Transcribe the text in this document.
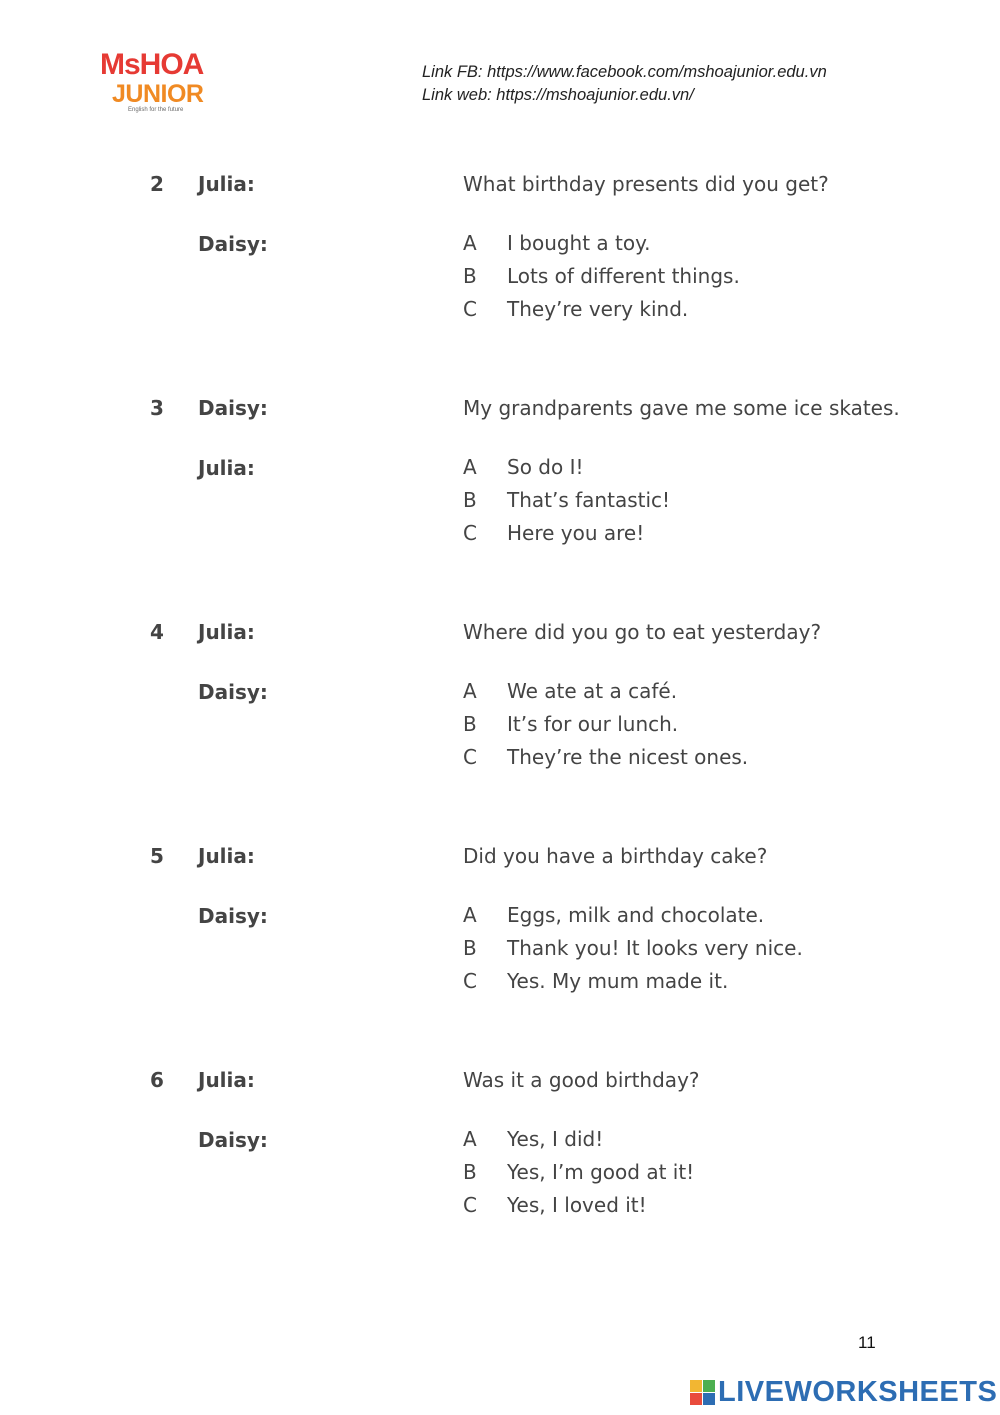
MsHOA
JUNIOR
English for the future
Link FB: https://www.facebook.com/mshoajunior.edu.vn
Link web: https://mshoajunior.edu.vn/
2 Julia:	What birthday presents did you get?
Daisy:	A I bought a toy.
B Lots of different things.
C They’re very kind.
3 Daisy:	My grandparents gave me some ice skates.
Julia:	A So do I!
B That’s fantastic!
C Here you are!
4 Julia:	Where did you go to eat yesterday?
Daisy:	A We ate at a café.
B It’s for our lunch.
C They’re the nicest ones.
5 Julia:	Did you have a birthday cake?
Daisy:	A Eggs, milk and chocolate.
B Thank you! It looks very nice.
C Yes. My mum made it.
6 Julia:	Was it a good birthday?
Daisy:	A Yes, I did!
B Yes, I’m good at it!
C Yes, I loved it!
11
LIVEWORKSHEETS
